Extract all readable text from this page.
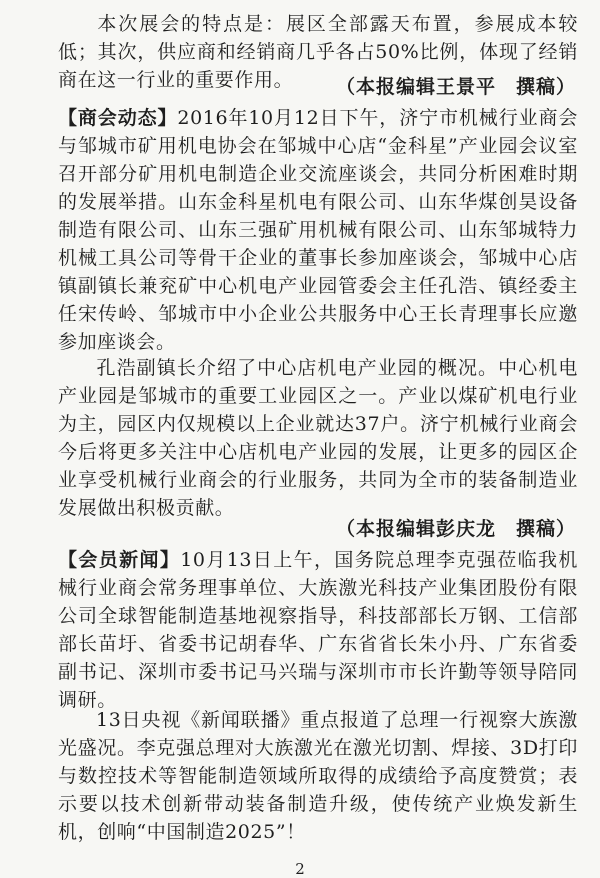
本次展会的特点是：展区全部露天布置，参展成本较低；其次，供应商和经销商几乎各占50%比例，体现了经销商在这一行业的重要作用。	（本报编辑王景平　撰稿）

【商会动态】2016年10月12日下午，济宁市机械行业商会与邹城市矿用机电协会在邹城中心店“金科星”产业园会议室召开部分矿用机电制造企业交流座谈会，共同分析困难时期的发展举措。山东金科星机电有限公司、山东华煤创昊设备制造有限公司、山东三强矿用机械有限公司、山东邹城特力机械工具公司等骨干企业的董事长参加座谈会，邹城中心店镇副镇长兼兖矿中心机电产业园管委会主任孔浩、镇经委主任宋传岭、邹城市中小企业公共服务中心王长青理事长应邀参加座谈会。

孔浩副镇长介绍了中心店机电产业园的概况。中心机电产业园是邹城市的重要工业园区之一。产业以煤矿机电行业为主，园区内仅规模以上企业就达37户。济宁机械行业商会今后将更多关注中心店机电产业园的发展，让更多的园区企业享受机械行业商会的行业服务，共同为全市的装备制造业发展做出积极贡献。

（本报编辑彭庆龙　撰稿）

【会员新闻】10月13日上午，国务院总理李克强莅临我机械行业商会常务理事单位、大族激光科技产业集团股份有限公司全球智能制造基地视察指导，科技部部长万钢、工信部部长苗圩、省委书记胡春华、广东省省长朱小丹、广东省委副书记、深圳市委书记马兴瑞与深圳市市长许勤等领导陪同调研。

13日央视《新闻联播》重点报道了总理一行视察大族激光盛况。李克强总理对大族激光在激光切割、焊接、3D打印与数控技术等智能制造领域所取得的成绩给予高度赞赏；表示要以技术创新带动装备制造升级，使传统产业焕发新生机，创响“中国制造2025”！

2
